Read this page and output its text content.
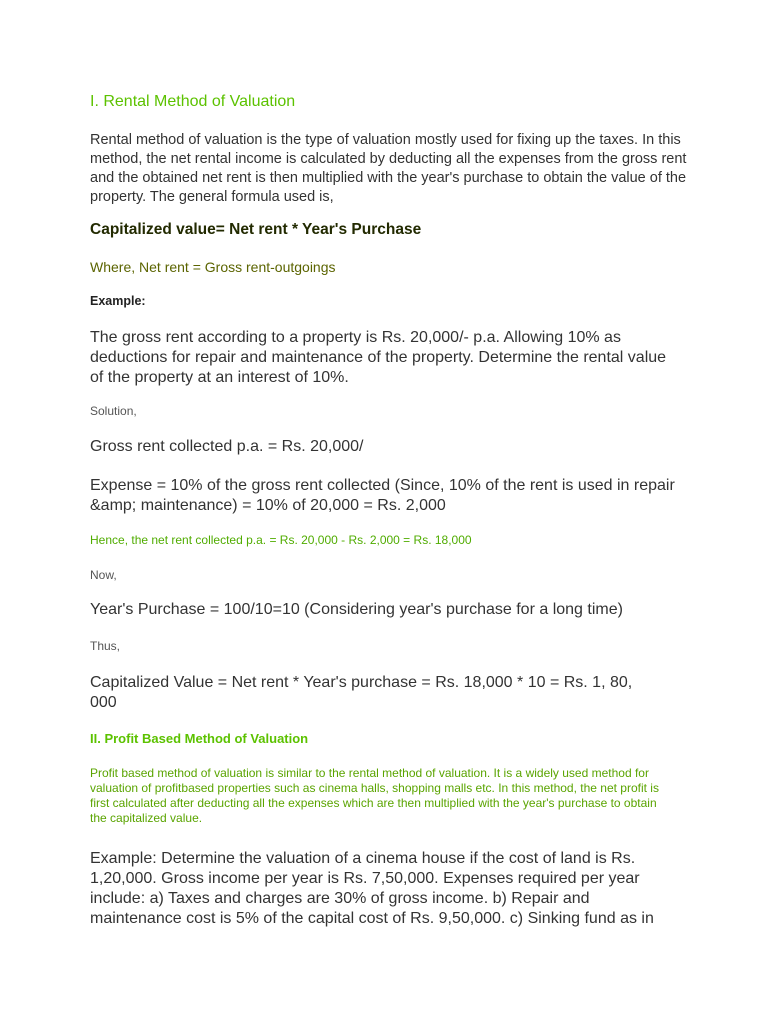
I. Rental Method of Valuation

Rental method of valuation is the type of valuation mostly used for fixing up the taxes. In this method, the net rental income is calculated by deducting all the expenses from the gross rent and the obtained net rent is then multiplied with the year's purchase to obtain the value of the property. The general formula used is,

Capitalized value= Net rent * Year's Purchase
Where, Net rent = Gross rent-outgoings
Example:

The gross rent according to a property is Rs. 20,000/- p.a. Allowing 10% as deductions for repair and maintenance of the property. Determine the rental value of the property at an interest of 10%.

Solution,
Gross rent collected p.a. = Rs. 20,000/

Expense = 10% of the gross rent collected (Since, 10% of the rent is used in repair &amp; maintenance) = 10% of 20,000 = Rs. 2,000

Hence, the net rent collected p.a. = Rs. 20,000 - Rs. 2,000 = Rs. 18,000
Now,
Year's Purchase = 100/10=10 (Considering year's purchase for a long time)
Thus,

Capitalized Value = Net rent * Year's purchase = Rs. 18,000 * 10 = Rs. 1, 80, 000

II. Profit Based Method of Valuation

Profit based method of valuation is similar to the rental method of valuation. It is a widely used method for valuation of profitbased properties such as cinema halls, shopping malls etc. In this method, the net profit is first calculated after deducting all the expenses which are then multiplied with the year's purchase to obtain the capitalized value.

Example: Determine the valuation of a cinema house if the cost of land is Rs. 1,20,000. Gross income per year is Rs. 7,50,000. Expenses required per year include: a) Taxes and charges are 30% of gross income. b) Repair and maintenance cost is 5% of the capital cost of Rs. 9,50,000. c) Sinking fund as in
